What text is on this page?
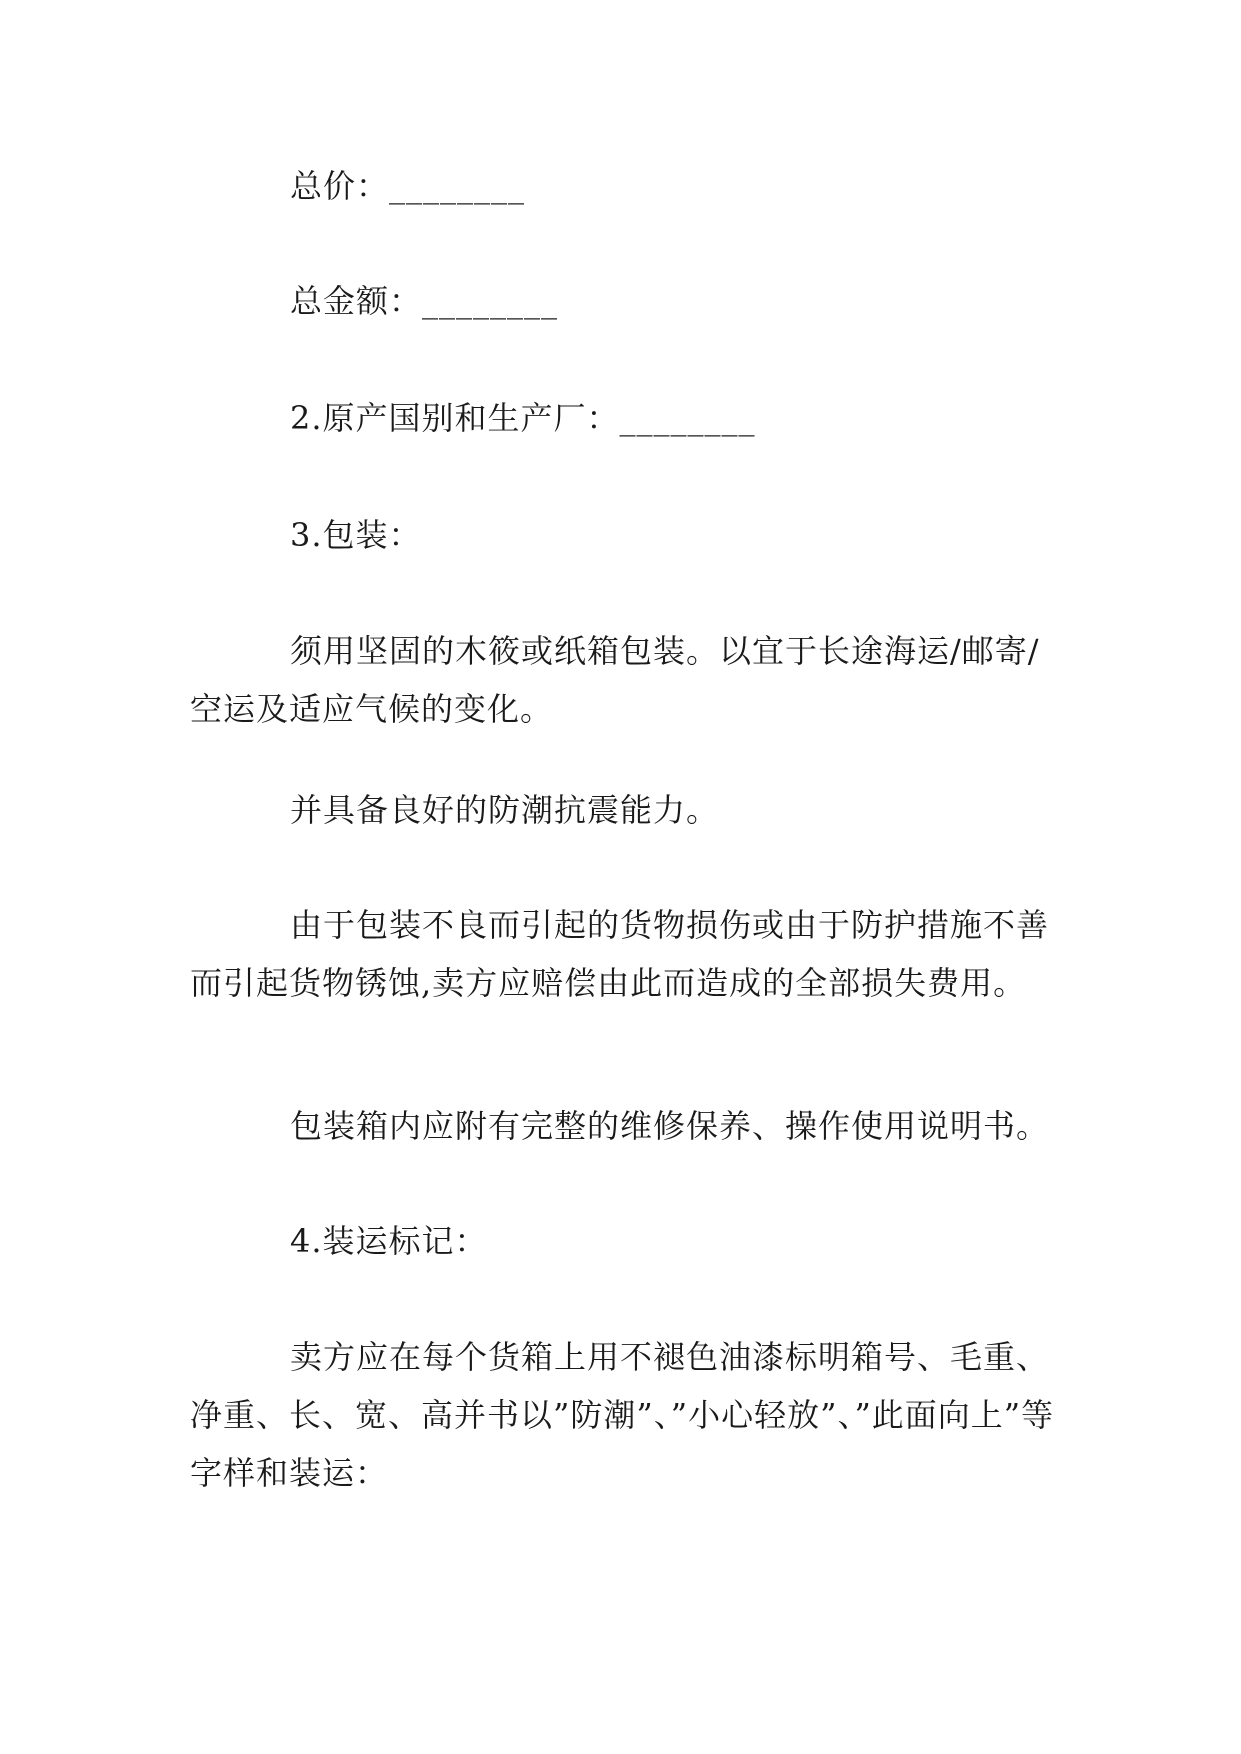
总价：________

总金额：________

2.原产国别和生产厂：________

3.包装：

须用坚固的木筱或纸箱包装。以宜于长途海运/邮寄/空运及适应气候的变化。

并具备良好的防潮抗震能力。

由于包装不良而引起的货物损伤或由于防护措施不善而引起货物锈蚀,卖方应赔偿由此而造成的全部损失费用。

包装箱内应附有完整的维修保养、操作使用说明书。

4.装运标记：

卖方应在每个货箱上用不褪色油漆标明箱号、毛重、净重、长、宽、高并书以”防潮”、”小心轻放”、”此面向上”等字样和装运：
